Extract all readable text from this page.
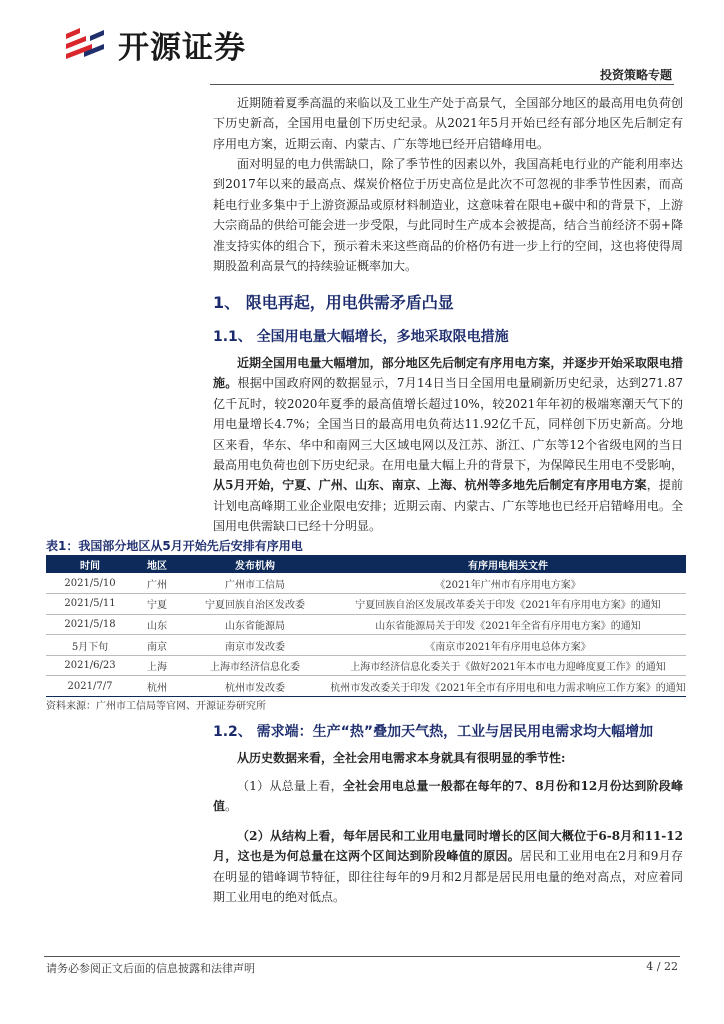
开源证券
投资策略专题

近期随着夏季高温的来临以及工业生产处于高景气，全国部分地区的最高用电负荷创下历史新高，全国用电量创下历史纪录。从2021年5月开始已经有部分地区先后制定有序用电方案，近期云南、内蒙古、广东等地已经开启错峰用电。

面对明显的电力供需缺口，除了季节性的因素以外，我国高耗电行业的产能利用率达到2017年以来的最高点、煤炭价格位于历史高位是此次不可忽视的非季节性因素，而高耗电行业多集中于上游资源品或原材料制造业，这意味着在限电+碳中和的背景下，上游大宗商品的供给可能会进一步受限，与此同时生产成本会被提高，结合当前经济不弱+降准支持实体的组合下，预示着未来这些商品的价格仍有进一步上行的空间，这也将使得周期股盈利高景气的持续验证概率加大。

1、 限电再起，用电供需矛盾凸显
1.1、 全国用电量大幅增长，多地采取限电措施

近期全国用电量大幅增加，部分地区先后制定有序用电方案，并逐步开始采取限电措施。根据中国政府网的数据显示，7月14日当日全国用电量刷新历史纪录，达到271.87亿千瓦时，较2020年夏季的最高值增长超过10%，较2021年年初的极端寒潮天气下的用电量增长4.7%；全国当日的最高用电负荷达11.92亿千瓦，同样创下历史新高。分地区来看，华东、华中和南网三大区域电网以及江苏、浙江、广东等12个省级电网的当日最高用电负荷也创下历史纪录。在用电量大幅上升的背景下，为保障民生用电不受影响，从5月开始，宁夏、广州、山东、南京、上海、杭州等多地先后制定有序用电方案，提前计划电高峰期工业企业限电安排；近期云南、内蒙古、广东等地也已经开启错峰用电。全国用电供需缺口已经十分明显。

表1：我国部分地区从5月开始先后安排有序用电
时间	地区	发布机构	有序用电相关文件
2021/5/10	广州	广州市工信局	《2021年广州市有序用电方案》
2021/5/11	宁夏	宁夏回族自治区发改委	宁夏回族自治区发展改革委关于印发《2021年有序用电方案》的通知
2021/5/18	山东	山东省能源局	山东省能源局关于印发《2021年全省有序用电方案》的通知
5月下旬	南京	南京市发改委	《南京市2021年有序用电总体方案》
2021/6/23	上海	上海市经济信息化委	上海市经济信息化委关于《做好2021年本市电力迎峰度夏工作》的通知
2021/7/7	杭州	杭州市发改委	杭州市发改委关于印发《2021年全市有序用电和电力需求响应工作方案》的通知
资料来源：广州市工信局等官网、开源证券研究所
1.2、 需求端：生产“热”叠加天气热，工业与居民用电需求均大幅增加

从历史数据来看，全社会用电需求本身就具有很明显的季节性:

（1）从总量上看，全社会用电总量一般都在每年的7、8月份和12月份达到阶段峰值。

（2）从结构上看，每年居民和工业用电量同时增长的区间大概位于6-8月和11-12月，这也是为何总量在这两个区间达到阶段峰值的原因。居民和工业用电在2月和9月存在明显的错峰调节特征，即往往每年的9月和2月都是居民用电量的绝对高点，对应着同期工业用电的绝对低点。

请务必参阅正文后面的信息披露和法律声明	4 / 22
